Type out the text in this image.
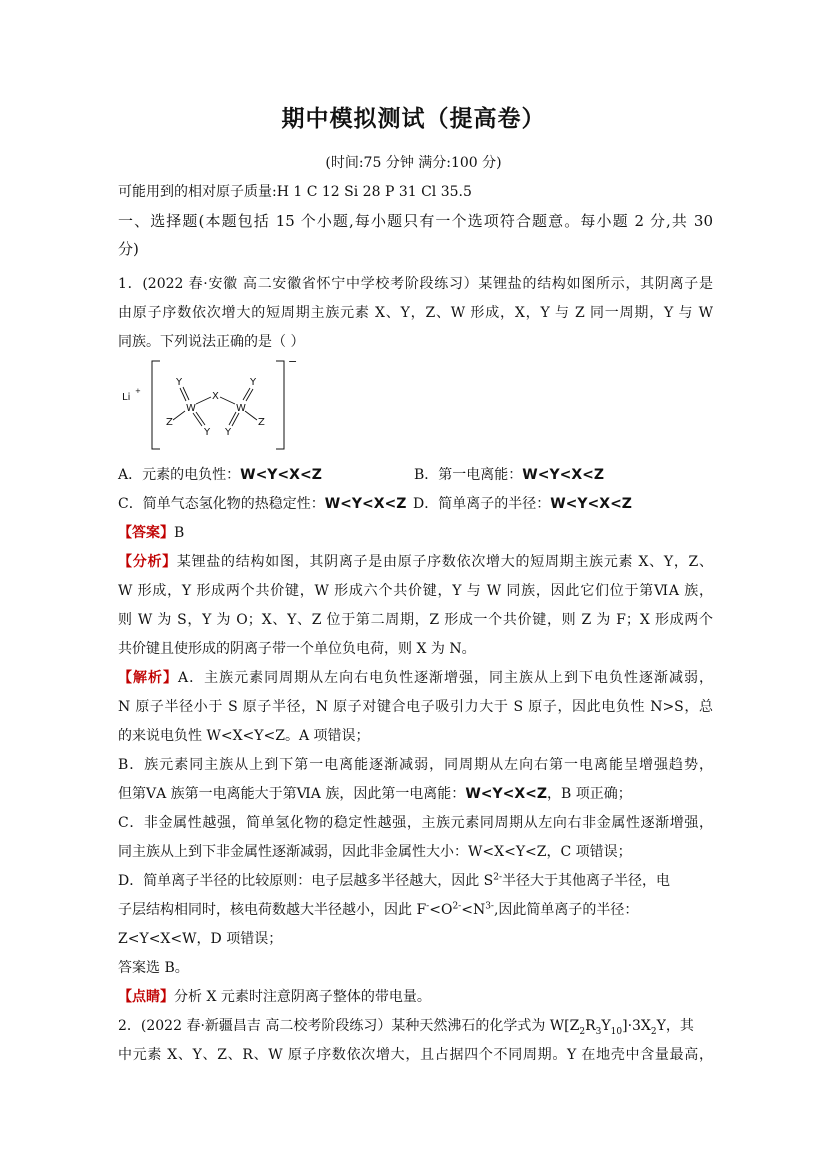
期中模拟测试（提高卷）
(时间:75 分钟 满分:100 分)
可能用到的相对原子质量:H 1 C 12 Si 28 P 31 Cl 35.5
一、选择题(本题包括 15 个小题,每小题只有一个选项符合题意。每小题 2 分,共 30
分)
1．(2022 春·安徽 高二安徽省怀宁中学校考阶段练习）某锂盐的结构如图所示，其阴离子是
由原子序数依次增大的短周期主族元素 X、Y，Z、W 形成，X，Y 与 Z 同一周期，Y 与 W
同族。下列说法正确的是（ ）
Li
+
−
W
Y
Z
Y
X
W
Y
Y
Z
A．元素的电负性：W<Y<X<Z	B．第一电离能：W<Y<X<Z
C．简单气态氢化物的热稳定性：W<Y<X<Z D．简单离子的半径：W<Y<X<Z
【答案】B
【分析】某锂盐的结构如图，其阴离子是由原子序数依次增大的短周期主族元素 X、Y，Z、
W 形成，Y 形成两个共价键，W 形成六个共价键，Y 与 W 同族，因此它们位于第ⅥA 族，
则 W 为 S，Y 为 O；X、Y、Z 位于第二周期，Z 形成一个共价键，则 Z 为 F；X 形成两个
共价键且使形成的阴离子带一个单位负电荷，则 X 为 N。
【解析】A．主族元素同周期从左向右电负性逐渐增强，同主族从上到下电负性逐渐减弱，
N 原子半径小于 S 原子半径，N 原子对键合电子吸引力大于 S 原子，因此电负性 N>S，总
的来说电负性 W<X<Y<Z。A 项错误；
B．族元素同主族从上到下第一电离能逐渐减弱，同周期从左向右第一电离能呈增强趋势，
但第ⅤA 族第一电离能大于第ⅥA 族，因此第一电离能：W<Y<X<Z，B 项正确；
C．非金属性越强，简单氢化物的稳定性越强，主族元素同周期从左向右非金属性逐渐增强，
同主族从上到下非金属性逐渐减弱，因此非金属性大小：W<X<Y<Z，C 项错误；
D．简单离子半径的比较原则：电子层越多半径越大，因此 $S^{2-}$半径大于其他离子半径，电
子层结构相同时，核电荷数越大半径越小，因此 $F^-<O^{2-}<N^{3-}$,因此简单离子的半径：
Z<Y<X<W，D 项错误；
答案选 B。
【点睛】分析 X 元素时注意阴离子整体的带电量。
2．(2022 春·新疆昌吉 高二校考阶段练习）某种天然沸石的化学式为 $W[Z_2R_3Y_{10}]\cdot 3X_2Y$，其
中元素 X、Y、Z、R、W 原子序数依次增大，且占据四个不同周期。Y 在地壳中含量最高，
